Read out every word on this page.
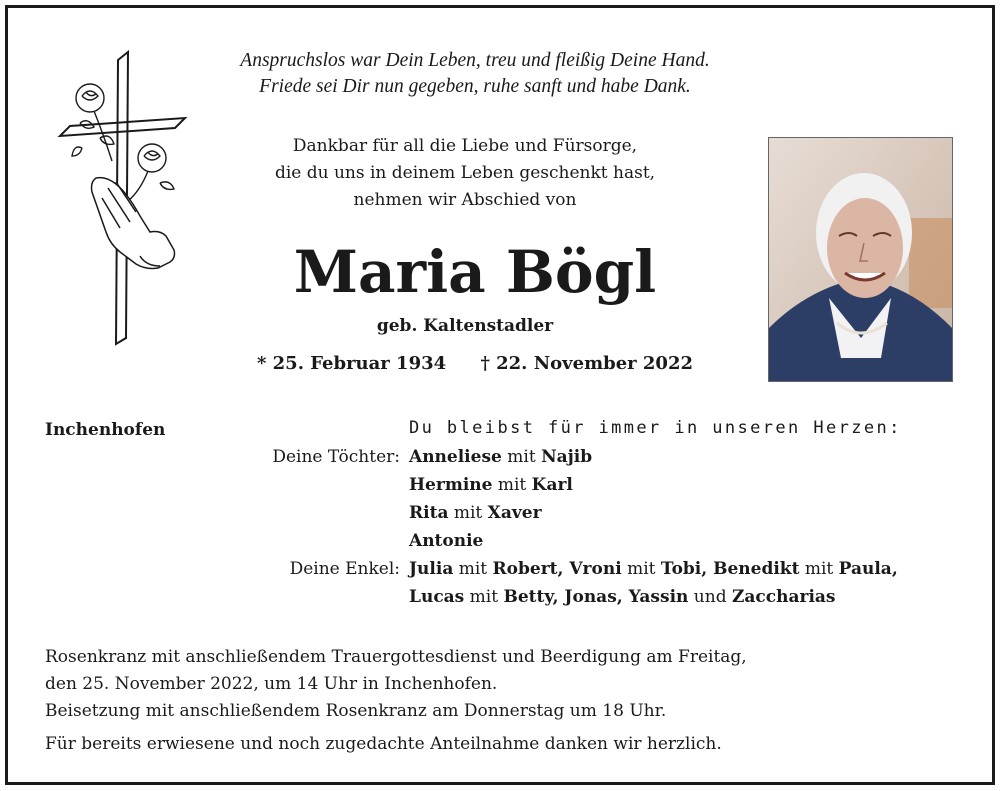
Anspruchslos war Dein Leben, treu und fleißig Deine Hand.
Friede sei Dir nun gegeben, ruhe sanft und habe Dank.
Dankbar für all die Liebe und Fürsorge,
die du uns in deinem Leben geschenkt hast,
nehmen wir Abschied von
Maria Bögl
geb. Kaltenstadler
* 25. Februar 1934 † 22. November 2022
Inchenhofen	Du bleibst für immer in unseren Herzen:
Deine Töchter: Anneliese mit Najib
Hermine mit Karl
Rita mit Xaver
Antonie
Deine Enkel: Julia mit Robert, Vroni mit Tobi, Benedikt mit Paula,
Lucas mit Betty, Jonas, Yassin und Zaccharias
Rosenkranz mit anschließendem Trauergottesdienst und Beerdigung am Freitag,
den 25. November 2022, um 14 Uhr in Inchenhofen.
Beisetzung mit anschließendem Rosenkranz am Donnerstag um 18 Uhr.
Für bereits erwiesene und noch zugedachte Anteilnahme danken wir herzlich.
